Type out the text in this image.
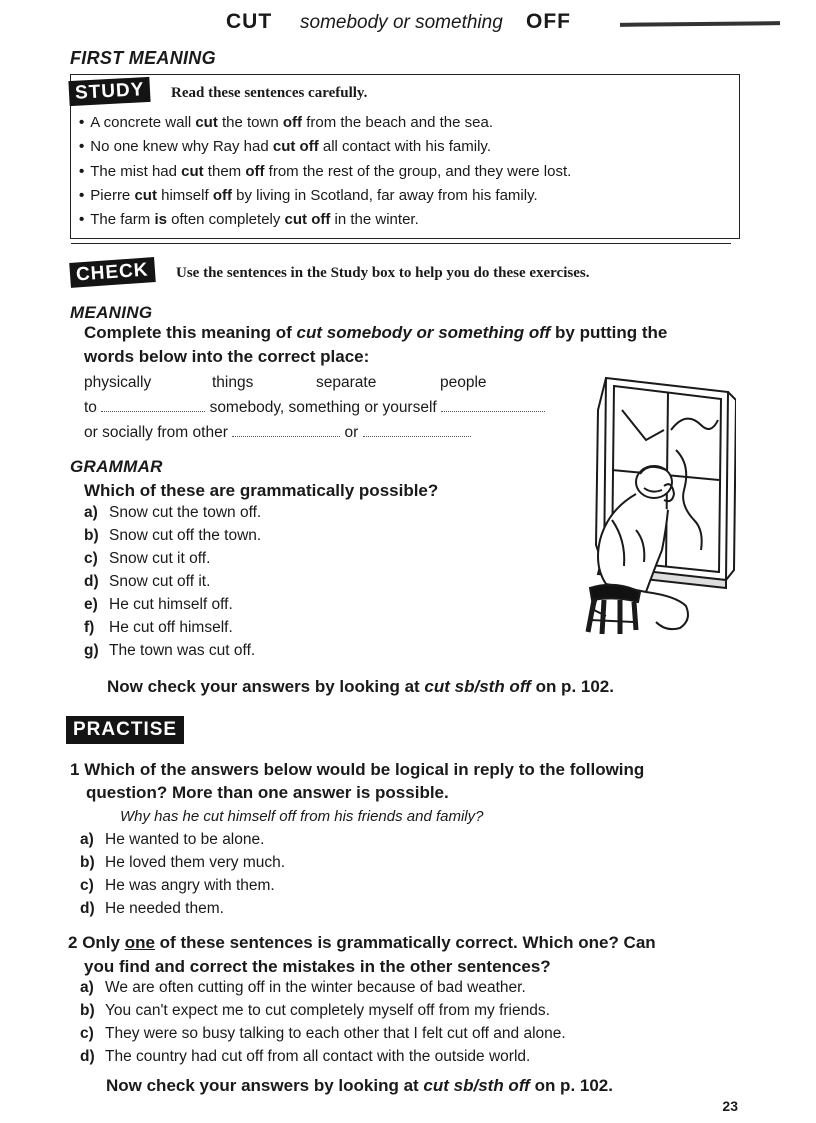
CUT somebody or something OFF
FIRST MEANING
STUDY	Read these sentences carefully.
• A concrete wall cut the town off from the beach and the sea.
• No one knew why Ray had cut off all contact with his family.
• The mist had cut them off from the rest of the group, and they were lost.
• Pierre cut himself off by living in Scotland, far away from his family.
• The farm is often completely cut off in the winter.
CHECK Use the sentences in the Study box to help you do these exercises.
MEANING
Complete this meaning of cut somebody or something off by putting the
words below into the correct place:
physically	things	separate	people
to	somebody, something or yourself
or socially from other	or
GRAMMAR
Which of these are grammatically possible?
a) Snow cut the town off.
b) Snow cut off the town.
c) Snow cut it off.
d) Snow cut off it.
e) He cut himself off.
f) He cut off himself.
g) The town was cut off.
Now check your answers by looking at cut sb/sth off on p. 102.
PRACTISE
1 Which of the answers below would be logical in reply to the following
question? More than one answer is possible.
Why has he cut himself off from his friends and family?
a) He wanted to be alone.
b) He loved them very much.
c) He was angry with them.
d) He needed them.
2 Only one of these sentences is grammatically correct. Which one? Can
you find and correct the mistakes in the other sentences?
a) We are often cutting off in the winter because of bad weather.
b) You can't expect me to cut completely myself off from my friends.
c) They were so busy talking to each other that I felt cut off and alone.
d) The country had cut off from all contact with the outside world.
Now check your answers by looking at cut sb/sth off on p. 102.
23
